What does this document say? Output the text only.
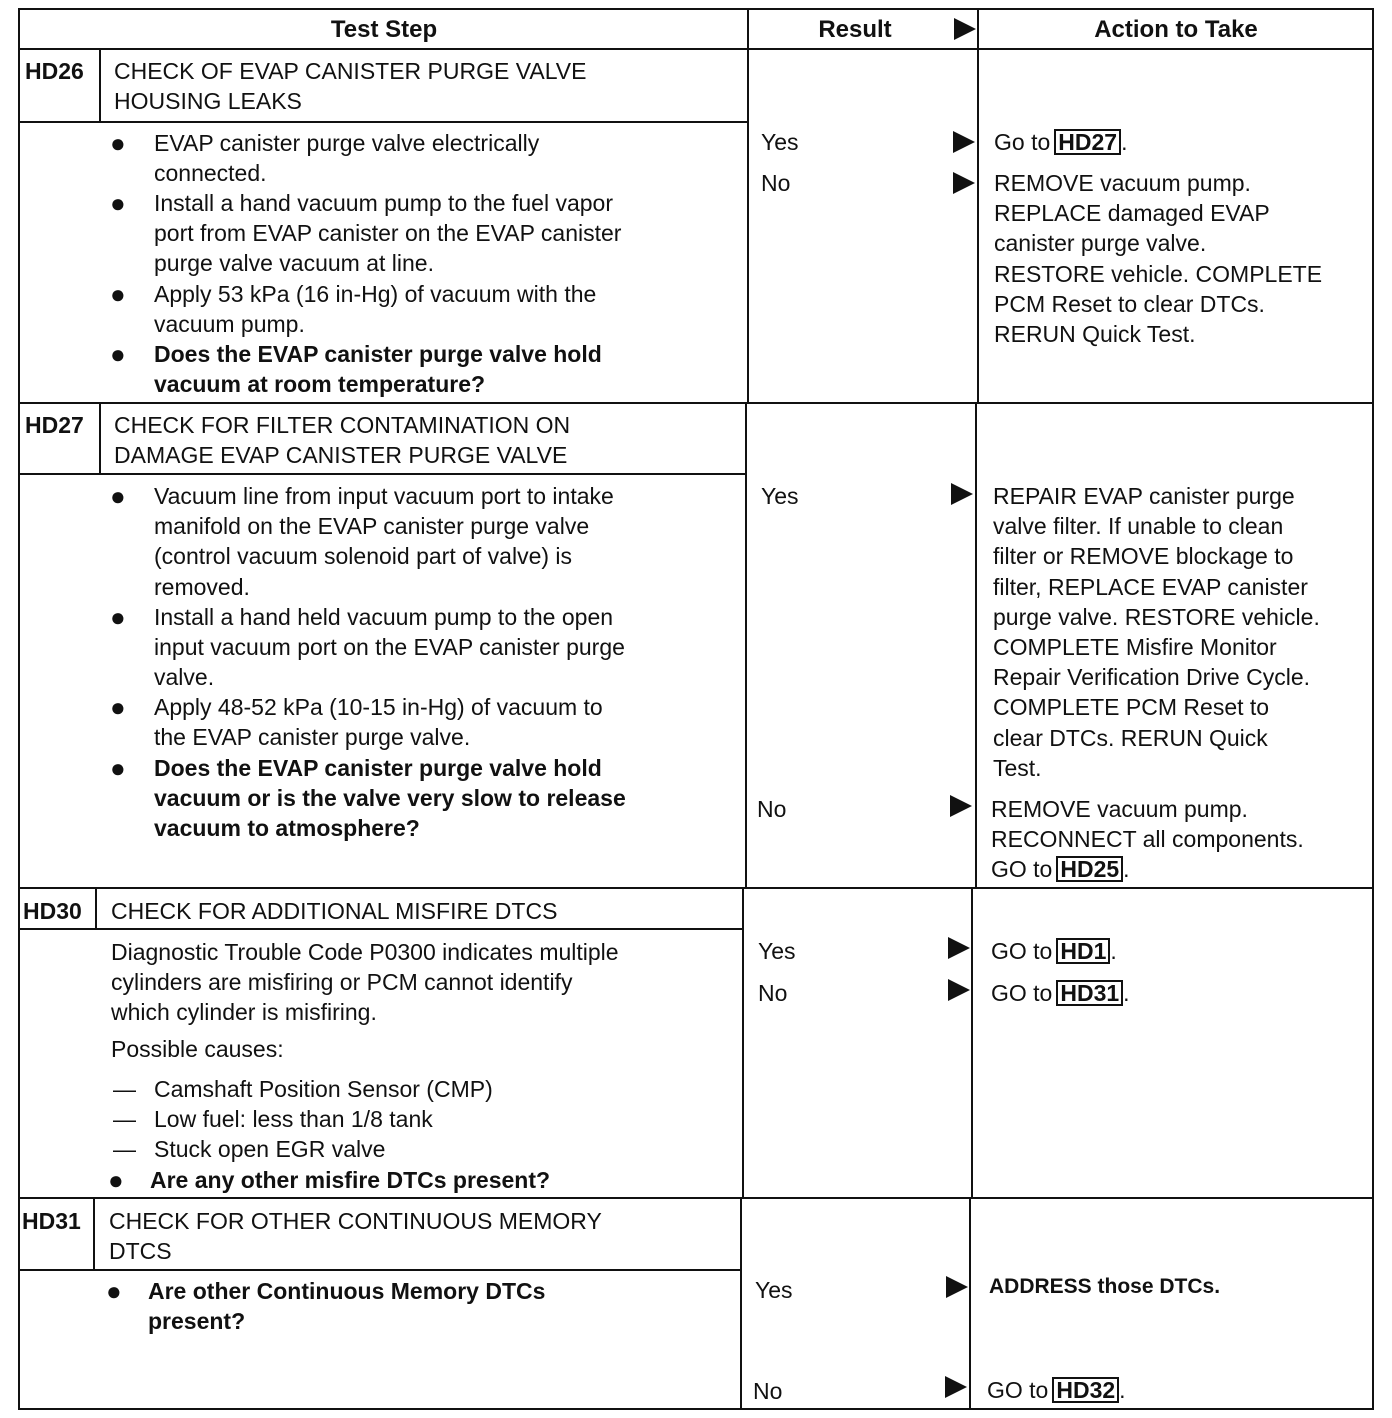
Test Step	Result	Action to Take
HD26 CHECK OF EVAP CANISTER PURGE VALVE
HOUSING LEAKS
● EVAP canister purge valve electrically
connected.
● Install a hand vacuum pump to the fuel vapor
port from EVAP canister on the EVAP canister
purge valve vacuum at line.
● Apply 53 kPa (16 in-Hg) of vacuum with the
vacuum pump.
● Does the EVAP canister purge valve hold
vacuum at room temperature?
Yes	Go to HD27 .
No	REMOVE vacuum pump.
REPLACE damaged EVAP
canister purge valve.
RESTORE vehicle. COMPLETE
PCM Reset to clear DTCs.
RERUN Quick Test.
HD27 CHECK FOR FILTER CONTAMINATION ON
DAMAGE EVAP CANISTER PURGE VALVE
● Vacuum line from input vacuum port to intake
manifold on the EVAP canister purge valve
(control vacuum solenoid part of valve) is
removed.
● Install a hand held vacuum pump to the open
input vacuum port on the EVAP canister purge
valve.
● Apply 48-52 kPa (10-15 in-Hg) of vacuum to
the EVAP canister purge valve.
● Does the EVAP canister purge valve hold
vacuum or is the valve very slow to release
vacuum to atmosphere?
Yes	REPAIR EVAP canister purge
valve filter. If unable to clean
filter or REMOVE blockage to
filter, REPLACE EVAP canister
purge valve. RESTORE vehicle.
COMPLETE Misfire Monitor
Repair Verification Drive Cycle.
COMPLETE PCM Reset to
clear DTCs. RERUN Quick
Test.
No	REMOVE vacuum pump.
RECONNECT all components.
GO to HD25 .
HD30 CHECK FOR ADDITIONAL MISFIRE DTCS
Diagnostic Trouble Code P0300 indicates multiple
cylinders are misfiring or PCM cannot identify
which cylinder is misfiring.
Possible causes:
— Camshaft Position Sensor (CMP)
— Low fuel: less than 1/8 tank
— Stuck open EGR valve
● Are any other misfire DTCs present?
Yes	GO to HD1 .
No	GO to HD31 .
HD31 CHECK FOR OTHER CONTINUOUS MEMORY
DTCS
● Are other Continuous Memory DTCs
present?
Yes	ADDRESS those DTCs.
No	GO to HD32 .
